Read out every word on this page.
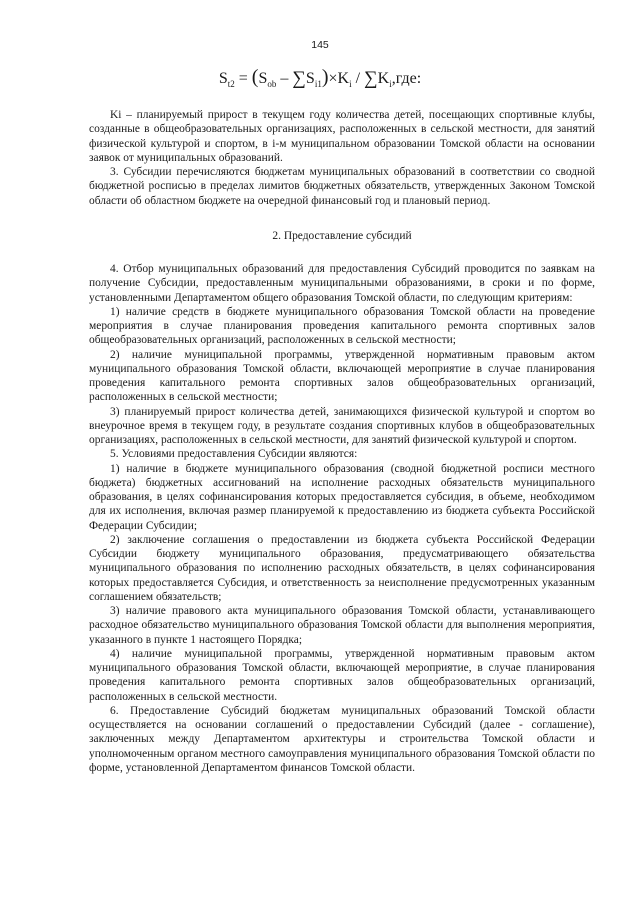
145
$S_{t2} = (S_{ob} - \sum S_{i1})\times K_i / \sum K_i,где$:

Ki – планируемый прирост в текущем году количества детей, посещающих спортивные клубы, созданные в общеобразовательных организациях, расположенных в сельской местности, для занятий физической культурой и спортом, в i-м муниципальном образовании Томской области на основании заявок от муниципальных образований.

3. Субсидии перечисляются бюджетам муниципальных образований в соответствии со сводной бюджетной росписью в пределах лимитов бюджетных обязательств, утвержденных Законом Томской области об областном бюджете на очередной финансовый год и плановый период.

2. Предоставление субсидий

4. Отбор муниципальных образований для предоставления Субсидий проводится по заявкам на получение Субсидии, предоставленным муниципальными образованиями, в сроки и по форме, установленными Департаментом общего образования Томской области, по следующим критериям:

1) наличие средств в бюджете муниципального образования Томской области на проведение мероприятия в случае планирования проведения капитального ремонта спортивных залов общеобразовательных организаций, расположенных в сельской местности;

2) наличие муниципальной программы, утвержденной нормативным правовым актом муниципального образования Томской области, включающей мероприятие в случае планирования проведения капитального ремонта спортивных залов общеобразовательных организаций, расположенных в сельской местности;

3) планируемый прирост количества детей, занимающихся физической культурой и спортом во внеурочное время в текущем году, в результате создания спортивных клубов в общеобразовательных организациях, расположенных в сельской местности, для занятий физической культурой и спортом.

5. Условиями предоставления Субсидии являются:

1) наличие в бюджете муниципального образования (сводной бюджетной росписи местного бюджета) бюджетных ассигнований на исполнение расходных обязательств муниципального образования, в целях софинансирования которых предоставляется субсидия, в объеме, необходимом для их исполнения, включая размер планируемой к предоставлению из бюджета субъекта Российской Федерации Субсидии;

2) заключение соглашения о предоставлении из бюджета субъекта Российской Федерации Субсидии бюджету муниципального образования, предусматривающего обязательства муниципального образования по исполнению расходных обязательств, в целях софинансирования которых предоставляется Субсидия, и ответственность за неисполнение предусмотренных указанным соглашением обязательств;

3) наличие правового акта муниципального образования Томской области, устанавливающего расходное обязательство муниципального образования Томской области для выполнения мероприятия, указанного в пункте 1 настоящего Порядка;

4) наличие муниципальной программы, утвержденной нормативным правовым актом муниципального образования Томской области, включающей мероприятие, в случае планирования проведения капитального ремонта спортивных залов общеобразовательных организаций, расположенных в сельской местности.

6. Предоставление Субсидий бюджетам муниципальных образований Томской области осуществляется на основании соглашений о предоставлении Субсидий (далее - соглашение), заключенных между Департаментом архитектуры и строительства Томской области и уполномоченным органом местного самоуправления муниципального образования Томской области по форме, установленной Департаментом финансов Томской области.
